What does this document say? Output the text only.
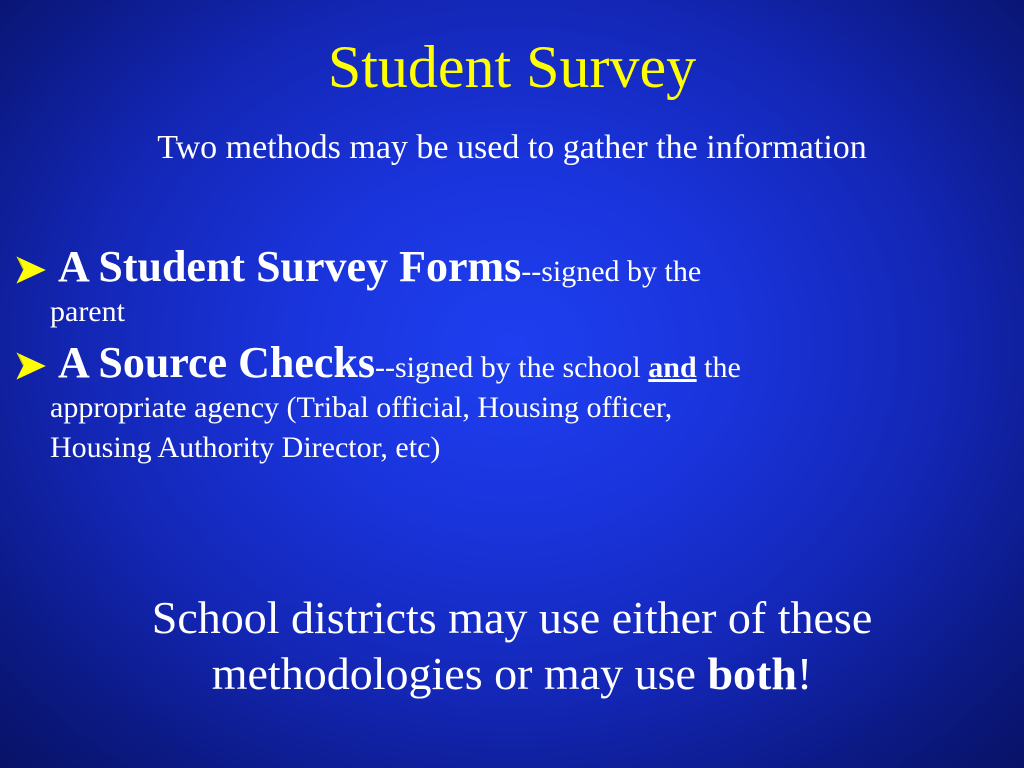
Student Survey
Two methods may be used to gather the information
A Student Survey Forms--signed by the
parent
A Source Checks--signed by the school and the
appropriate agency (Tribal official, Housing officer,
Housing Authority Director, etc)
School districts may use either of these
methodologies or may use both!
